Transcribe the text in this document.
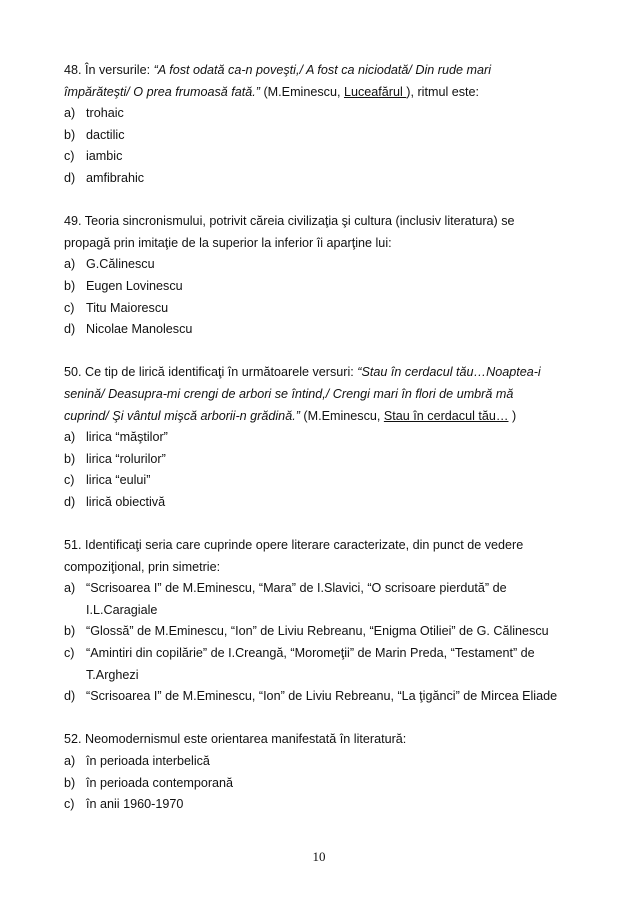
48. În versurile: “A fost odată ca-n poveşti,/ A fost ca niciodată/ Din rude mari
împărăteşti/ O prea frumoasă fată.” (M.Eminescu, Luceafărul ), ritmul este:
a) trohaic
b) dactilic
c) iambic
d) amfibrahic
49. Teoria sincronismului, potrivit căreia civilizaţia şi cultura (inclusiv literatura) se
propagă prin imitaţie de la superior la inferior îi aparţine lui:
a) G.Călinescu
b) Eugen Lovinescu
c) Titu Maiorescu
d) Nicolae Manolescu
50. Ce tip de lirică identificaţi în următoarele versuri: “Stau în cerdacul tău…Noaptea-i
senină/ Deasupra-mi crengi de arbori se întind,/ Crengi mari în flori de umbră mă
cuprind/ Şi vântul mişcă arborii-n grădină.” (M.Eminescu, Stau în cerdacul tău… )
a) lirica “măştilor”
b) lirica “rolurilor”
c) lirica “eului”
d) lirică obiectivă
51. Identificaţi seria care cuprinde opere literare caracterizate, din punct de vedere
compoziţional, prin simetrie:
a) “Scrisoarea I” de M.Eminescu, “Mara” de I.Slavici, “O scrisoare pierdută” de
I.L.Caragiale
b) “Glossă” de M.Eminescu, “Ion” de Liviu Rebreanu, “Enigma Otiliei” de G. Călinescu
c) “Amintiri din copilărie” de I.Creangă, “Moromeţii” de Marin Preda, “Testament” de
T.Arghezi
d) “Scrisoarea I” de M.Eminescu, “Ion” de Liviu Rebreanu, “La ţigănci” de Mircea Eliade
52. Neomodernismul este orientarea manifestată în literatură:
a) în perioada interbelică
b) în perioada contemporană
c) în anii 1960-1970
10
